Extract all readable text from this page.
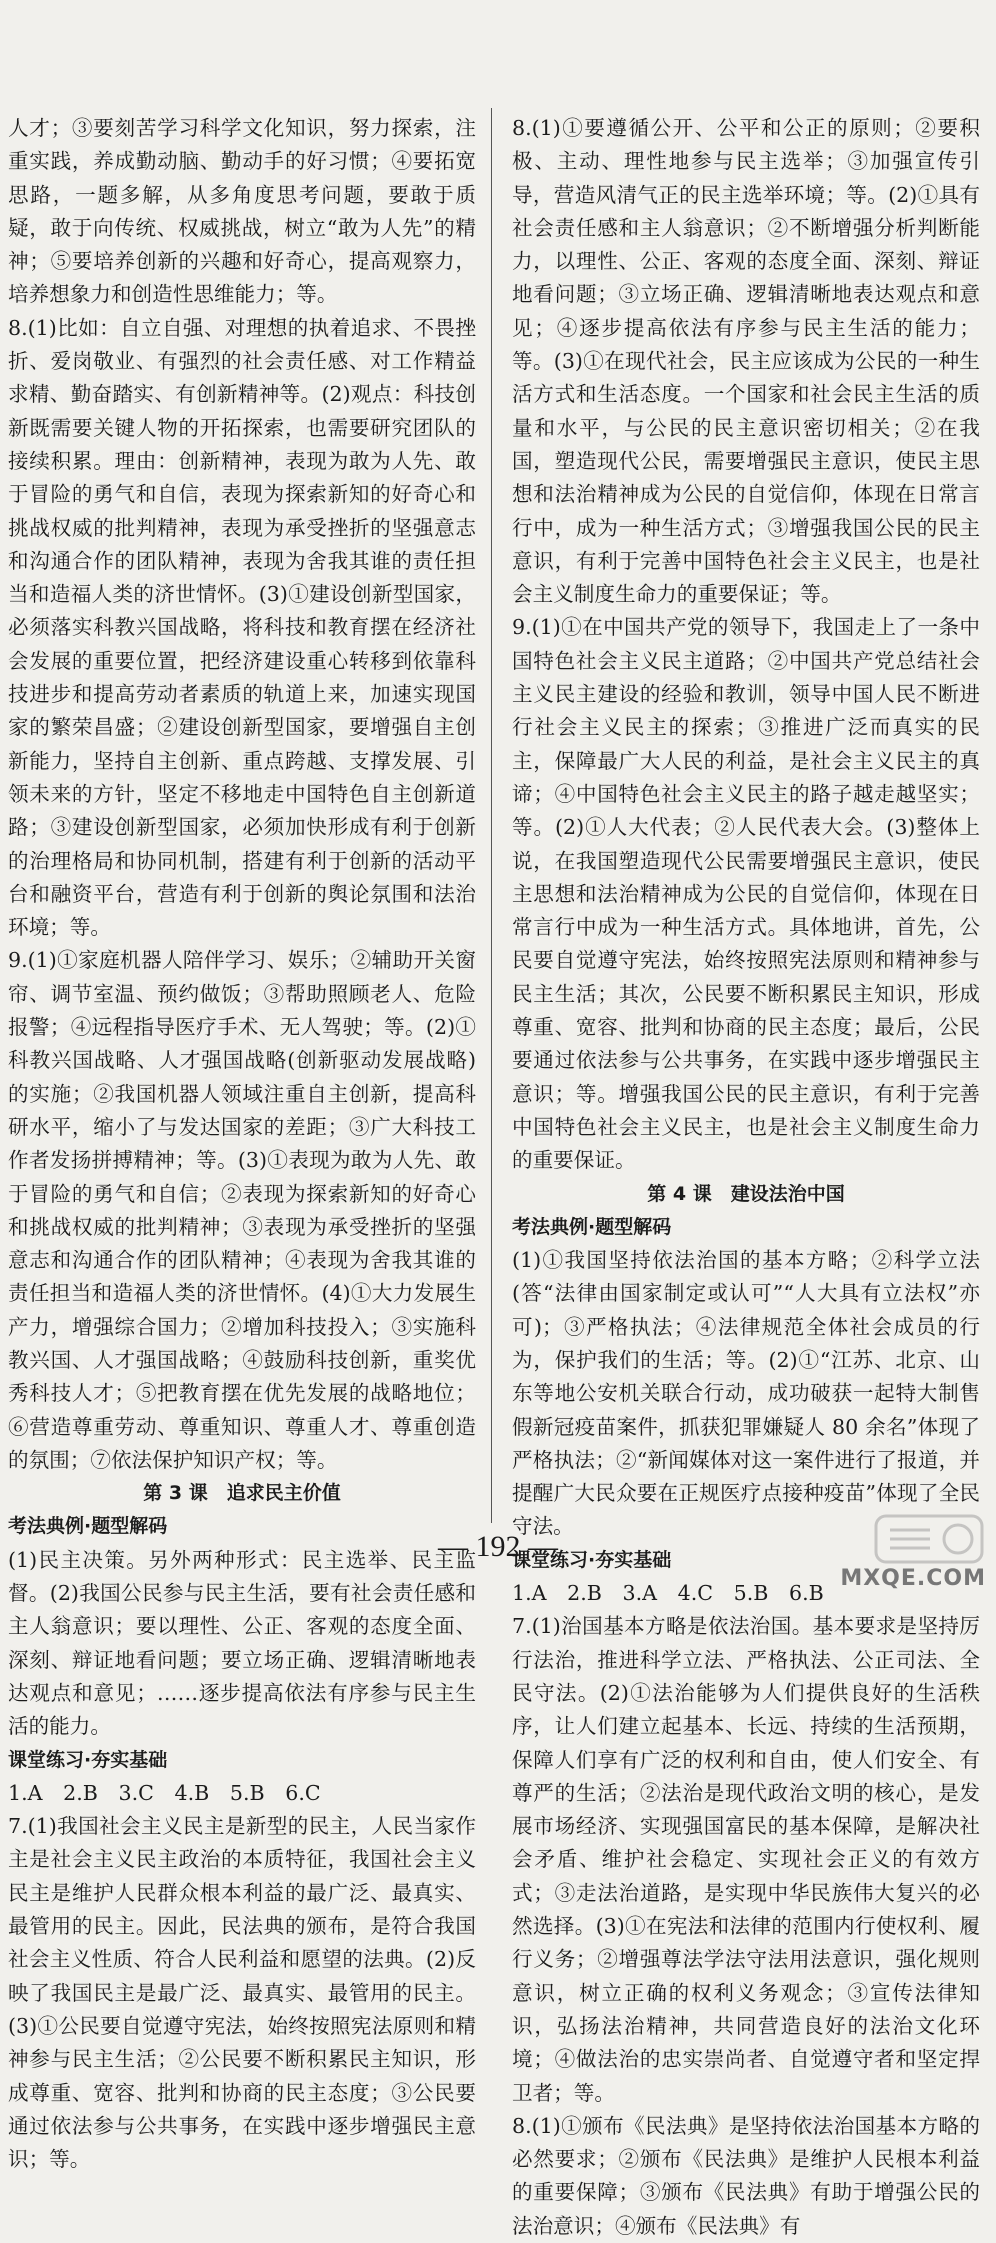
人才；③要刻苦学习科学文化知识，努力探索，注重实践，养成勤动脑、勤动手的好习惯；④要拓宽思路，一题多解，从多角度思考问题，要敢于质疑，敢于向传统、权威挑战，树立“敢为人先”的精神；⑤要培养创新的兴趣和好奇心，提高观察力，培养想象力和创造性思维能力；等。

8.(1)比如：自立自强、对理想的执着追求、不畏挫折、爱岗敬业、有强烈的社会责任感、对工作精益求精、勤奋踏实、有创新精神等。(2)观点：科技创新既需要关键人物的开拓探索，也需要研究团队的接续积累。理由：创新精神，表现为敢为人先、敢于冒险的勇气和自信，表现为探索新知的好奇心和挑战权威的批判精神，表现为承受挫折的坚强意志和沟通合作的团队精神，表现为舍我其谁的责任担当和造福人类的济世情怀。(3)①建设创新型国家，必须落实科教兴国战略，将科技和教育摆在经济社会发展的重要位置，把经济建设重心转移到依靠科技进步和提高劳动者素质的轨道上来，加速实现国家的繁荣昌盛；②建设创新型国家，要增强自主创新能力，坚持自主创新、重点跨越、支撑发展、引领未来的方针，坚定不移地走中国特色自主创新道路；③建设创新型国家，必须加快形成有利于创新的治理格局和协同机制，搭建有利于创新的活动平台和融资平台，营造有利于创新的舆论氛围和法治环境；等。

9.(1)①家庭机器人陪伴学习、娱乐；②辅助开关窗帘、调节室温、预约做饭；③帮助照顾老人、危险报警；④远程指导医疗手术、无人驾驶；等。(2)①科教兴国战略、人才强国战略(创新驱动发展战略)的实施；②我国机器人领域注重自主创新，提高科研水平，缩小了与发达国家的差距；③广大科技工作者发扬拼搏精神；等。(3)①表现为敢为人先、敢于冒险的勇气和自信；②表现为探索新知的好奇心和挑战权威的批判精神；③表现为承受挫折的坚强意志和沟通合作的团队精神；④表现为舍我其谁的责任担当和造福人类的济世情怀。(4)①大力发展生产力，增强综合国力；②增加科技投入；③实施科教兴国、人才强国战略；④鼓励科技创新，重奖优秀科技人才；⑤把教育摆在优先发展的战略地位；⑥营造尊重劳动、尊重知识、尊重人才、尊重创造的氛围；⑦依法保护知识产权；等。

第 3 课　追求民主价值

考法典例·题型解码

(1)民主决策。另外两种形式：民主选举、民主监督。(2)我国公民参与民主生活，要有社会责任感和主人翁意识；要以理性、公正、客观的态度全面、深刻、辩证地看问题；要立场正确、逻辑清晰地表达观点和意见；……逐步提高依法有序参与民主生活的能力。

课堂练习·夯实基础

1.A　2.B　3.C　4.B　5.B　6.C

7.(1)我国社会主义民主是新型的民主，人民当家作主是社会主义民主政治的本质特征，我国社会主义民主是维护人民群众根本利益的最广泛、最真实、最管用的民主。因此，民法典的颁布，是符合我国社会主义性质、符合人民利益和愿望的法典。(2)反映了我国民主是最广泛、最真实、最管用的民主。(3)①公民要自觉遵守宪法，始终按照宪法原则和精神参与民主生活；②公民要不断积累民主知识，形成尊重、宽容、批判和协商的民主态度；③公民要通过依法参与公共事务，在实践中逐步增强民主意识；等。

8.(1)①要遵循公开、公平和公正的原则；②要积极、主动、理性地参与民主选举；③加强宣传引导，营造风清气正的民主选举环境；等。(2)①具有社会责任感和主人翁意识；②不断增强分析判断能力，以理性、公正、客观的态度全面、深刻、辩证地看问题；③立场正确、逻辑清晰地表达观点和意见；④逐步提高依法有序参与民主生活的能力；等。(3)①在现代社会，民主应该成为公民的一种生活方式和生活态度。一个国家和社会民主生活的质量和水平，与公民的民主意识密切相关；②在我国，塑造现代公民，需要增强民主意识，使民主思想和法治精神成为公民的自觉信仰，体现在日常言行中，成为一种生活方式；③增强我国公民的民主意识，有利于完善中国特色社会主义民主，也是社会主义制度生命力的重要保证；等。

9.(1)①在中国共产党的领导下，我国走上了一条中国特色社会主义民主道路；②中国共产党总结社会主义民主建设的经验和教训，领导中国人民不断进行社会主义民主的探索；③推进广泛而真实的民主，保障最广大人民的利益，是社会主义民主的真谛；④中国特色社会主义民主的路子越走越坚实；等。(2)①人大代表；②人民代表大会。(3)整体上说，在我国塑造现代公民需要增强民主意识，使民主思想和法治精神成为公民的自觉信仰，体现在日常言行中成为一种生活方式。具体地讲，首先，公民要自觉遵守宪法，始终按照宪法原则和精神参与民主生活；其次，公民要不断积累民主知识，形成尊重、宽容、批判和协商的民主态度；最后，公民要通过依法参与公共事务，在实践中逐步增强民主意识；等。增强我国公民的民主意识，有利于完善中国特色社会主义民主，也是社会主义制度生命力的重要保证。

第 4 课　建设法治中国

考法典例·题型解码

(1)①我国坚持依法治国的基本方略；②科学立法(答“法律由国家制定或认可”“人大具有立法权”亦可)；③严格执法；④法律规范全体社会成员的行为，保护我们的生活；等。(2)①“江苏、北京、山东等地公安机关联合行动，成功破获一起特大制售假新冠疫苗案件，抓获犯罪嫌疑人 80 余名”体现了严格执法；②“新闻媒体对这一案件进行了报道，并提醒广大民众要在正规医疗点接种疫苗”体现了全民守法。

课堂练习·夯实基础

1.A　2.B　3.A　4.C　5.B　6.B

7.(1)治国基本方略是依法治国。基本要求是坚持厉行法治，推进科学立法、严格执法、公正司法、全民守法。(2)①法治能够为人们提供良好的生活秩序，让人们建立起基本、长远、持续的生活预期，保障人们享有广泛的权利和自由，使人们安全、有尊严的生活；②法治是现代政治文明的核心，是发展市场经济、实现强国富民的基本保障，是解决社会矛盾、维护社会稳定、实现社会正义的有效方式；③走法治道路，是实现中华民族伟大复兴的必然选择。(3)①在宪法和法律的范围内行使权利、履行义务；②增强尊法学法守法用法意识，强化规则意识，树立正确的权利义务观念；③宣传法律知识，弘扬法治精神，共同营造良好的法治文化环境；④做法治的忠实崇尚者、自觉遵守者和坚定捍卫者；等。

8.(1)①颁布《民法典》是坚持依法治国基本方略的必然要求；②颁布《民法典》是维护人民根本利益的重要保障；③颁布《民法典》有助于增强公民的法治意识；④颁布《民法典》有

— 192 —
MXQE.COM
